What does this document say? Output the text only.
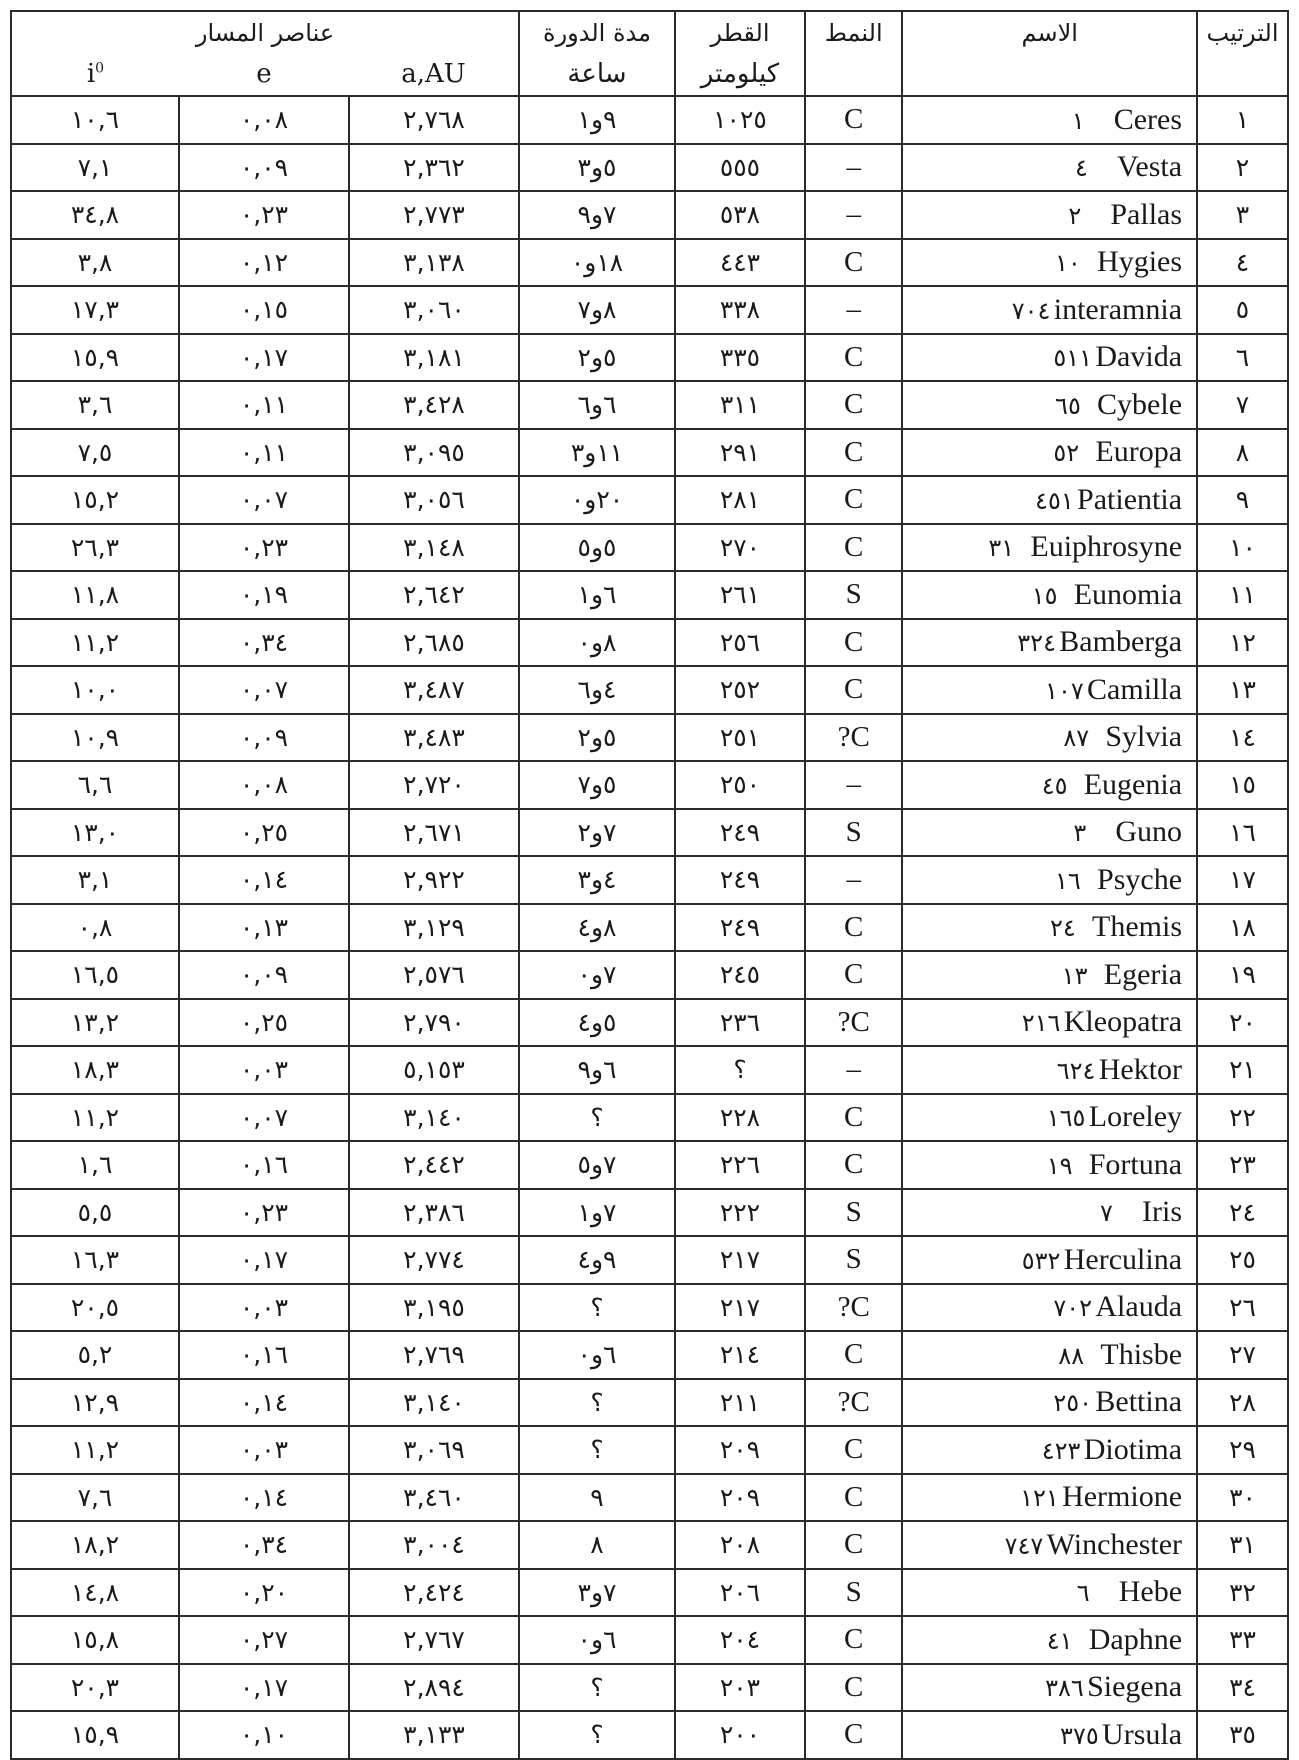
الترتيب	الاسم	النمط	القطر	مدة الدورة	عناصر المسار		
			كيلومتر	ساعة	a,AU	e	$i^0$
١	Ceres١	C	١٠٢٥	٩و١	٢,٧٦٨	٠,٠٨	١٠,٦
٢	Vesta٤	–	٥٥٥	٥و٣	٢,٣٦٢	٠,٠٩	٧,١
٣	Pallas٢	–	٥٣٨	٧و٩	٢,٧٧٣	٠,٢٣	٣٤,٨
٤	Hygies١٠	C	٤٤٣	١٨و٠	٣,١٣٨	٠,١٢	٣,٨
٥	interamnia٧٠٤	–	٣٣٨	٨و٧	٣,٠٦٠	٠,١٥	١٧,٣
٦	Davida٥١١	C	٣٣٥	٥و٢	٣,١٨١	٠,١٧	١٥,٩
٧	Cybele٦٥	C	٣١١	٦و٦	٣,٤٢٨	٠,١١	٣,٦
٨	Europa٥٢	C	٢٩١	١١و٣	٣,٠٩٥	٠,١١	٧,٥
٩	Patientia٤٥١	C	٢٨١	٢٠و٠	٣,٠٥٦	٠,٠٧	١٥,٢
١٠	Euiphrosyne٣١	C	٢٧٠	٥و٥	٣,١٤٨	٠,٢٣	٢٦,٣
١١	Eunomia١٥	S	٢٦١	٦و١	٢,٦٤٢	٠,١٩	١١,٨
١٢	Bamberga٣٢٤	C	٢٥٦	٨و٠	٢,٦٨٥	٠,٣٤	١١,٢
١٣	Camilla١٠٧	C	٢٥٢	٤و٦	٣,٤٨٧	٠,٠٧	١٠,٠
١٤	Sylvia٨٧	C?	٢٥١	٥و٢	٣,٤٨٣	٠,٠٩	١٠,٩
١٥	Eugenia٤٥	–	٢٥٠	٥و٧	٢,٧٢٠	٠,٠٨	٦,٦
١٦	Guno٣	S	٢٤٩	٧و٢	٢,٦٧١	٠,٢٥	١٣,٠
١٧	Psyche١٦	–	٢٤٩	٤و٣	٢,٩٢٢	٠,١٤	٣,١
١٨	Themis٢٤	C	٢٤٩	٨و٤	٣,١٢٩	٠,١٣	٠,٨
١٩	Egeria١٣	C	٢٤٥	٧و٠	٢,٥٧٦	٠,٠٩	١٦,٥
٢٠	Kleopatra٢١٦	C?	٢٣٦	٥و٤	٢,٧٩٠	٠,٢٥	١٣,٢
٢١	Hektor٦٢٤	–	؟	٦و٩	٥,١٥٣	٠,٠٣	١٨,٣
٢٢	Loreley١٦٥	C	٢٢٨	؟	٣,١٤٠	٠,٠٧	١١,٢
٢٣	Fortuna١٩	C	٢٢٦	٧و٥	٢,٤٤٢	٠,١٦	١,٦
٢٤	Iris٧	S	٢٢٢	٧و١	٢,٣٨٦	٠,٢٣	٥,٥
٢٥	Herculina٥٣٢	S	٢١٧	٩و٤	٢,٧٧٤	٠,١٧	١٦,٣
٢٦	Alauda٧٠٢	C?	٢١٧	؟	٣,١٩٥	٠,٠٣	٢٠,٥
٢٧	Thisbe٨٨	C	٢١٤	٦و٠	٢,٧٦٩	٠,١٦	٥,٢
٢٨	Bettina٢٥٠	C?	٢١١	؟	٣,١٤٠	٠,١٤	١٢,٩
٢٩	Diotima٤٢٣	C	٢٠٩	؟	٣,٠٦٩	٠,٠٣	١١,٢
٣٠	Hermione١٢١	C	٢٠٩	٩	٣,٤٦٠	٠,١٤	٧,٦
٣١	Winchester٧٤٧	C	٢٠٨	٨	٣,٠٠٤	٠,٣٤	١٨,٢
٣٢	Hebe٦	S	٢٠٦	٧و٣	٢,٤٢٤	٠,٢٠	١٤,٨
٣٣	Daphne٤١	C	٢٠٤	٦و٠	٢,٧٦٧	٠,٢٧	١٥,٨
٣٤	Siegena٣٨٦	C	٢٠٣	؟	٢,٨٩٤	٠,١٧	٢٠,٣
٣٥	Ursula٣٧٥	C	٢٠٠	؟	٣,١٣٣	٠,١٠	١٥,٩
